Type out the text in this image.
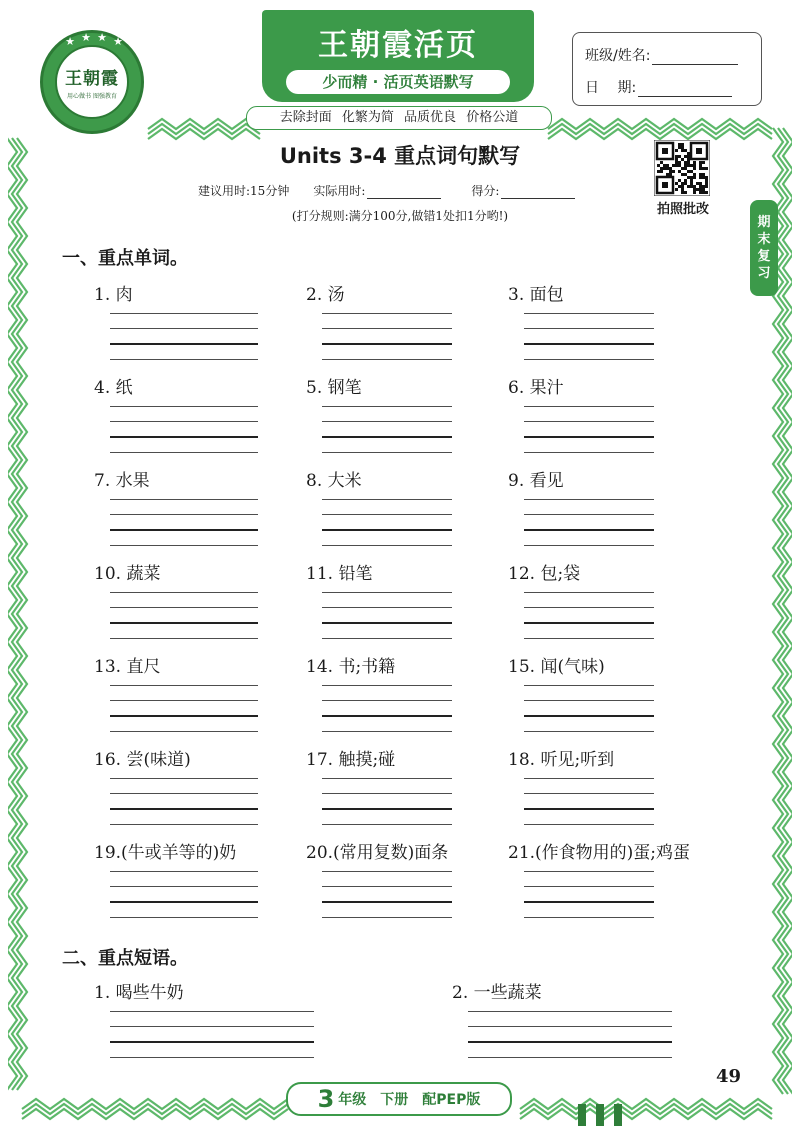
★ ★ ★ ★
王朝霞
用心做书 图强教育
王朝霞活页
少而精 · 活页英语默写
去除封面 化繁为简 品质优良 价格公道
班级/姓名:
日　 期:
Units 3-4 重点词句默写
建议用时:15分钟 实际用时:	得分:
(打分规则:满分100分,做错1处扣1分哟!)	拍照批改
期
末
复
习
一、重点单词。
1. 肉	2. 汤	3. 面包
4. 纸	5. 钢笔	6. 果汁
7. 水果	8. 大米	9. 看见
10. 蔬菜	11. 铅笔	12. 包;袋
13. 直尺	14. 书;书籍	15. 闻(气味)
16. 尝(味道)	17. 触摸;碰	18. 听见;听到
19.(牛或羊等的)奶	20.(常用复数)面条	21.(作食物用的)蛋;鸡蛋
二、重点短语。
1. 喝些牛奶	2. 一些蔬菜
3 年级 下册 配PEP版
49
